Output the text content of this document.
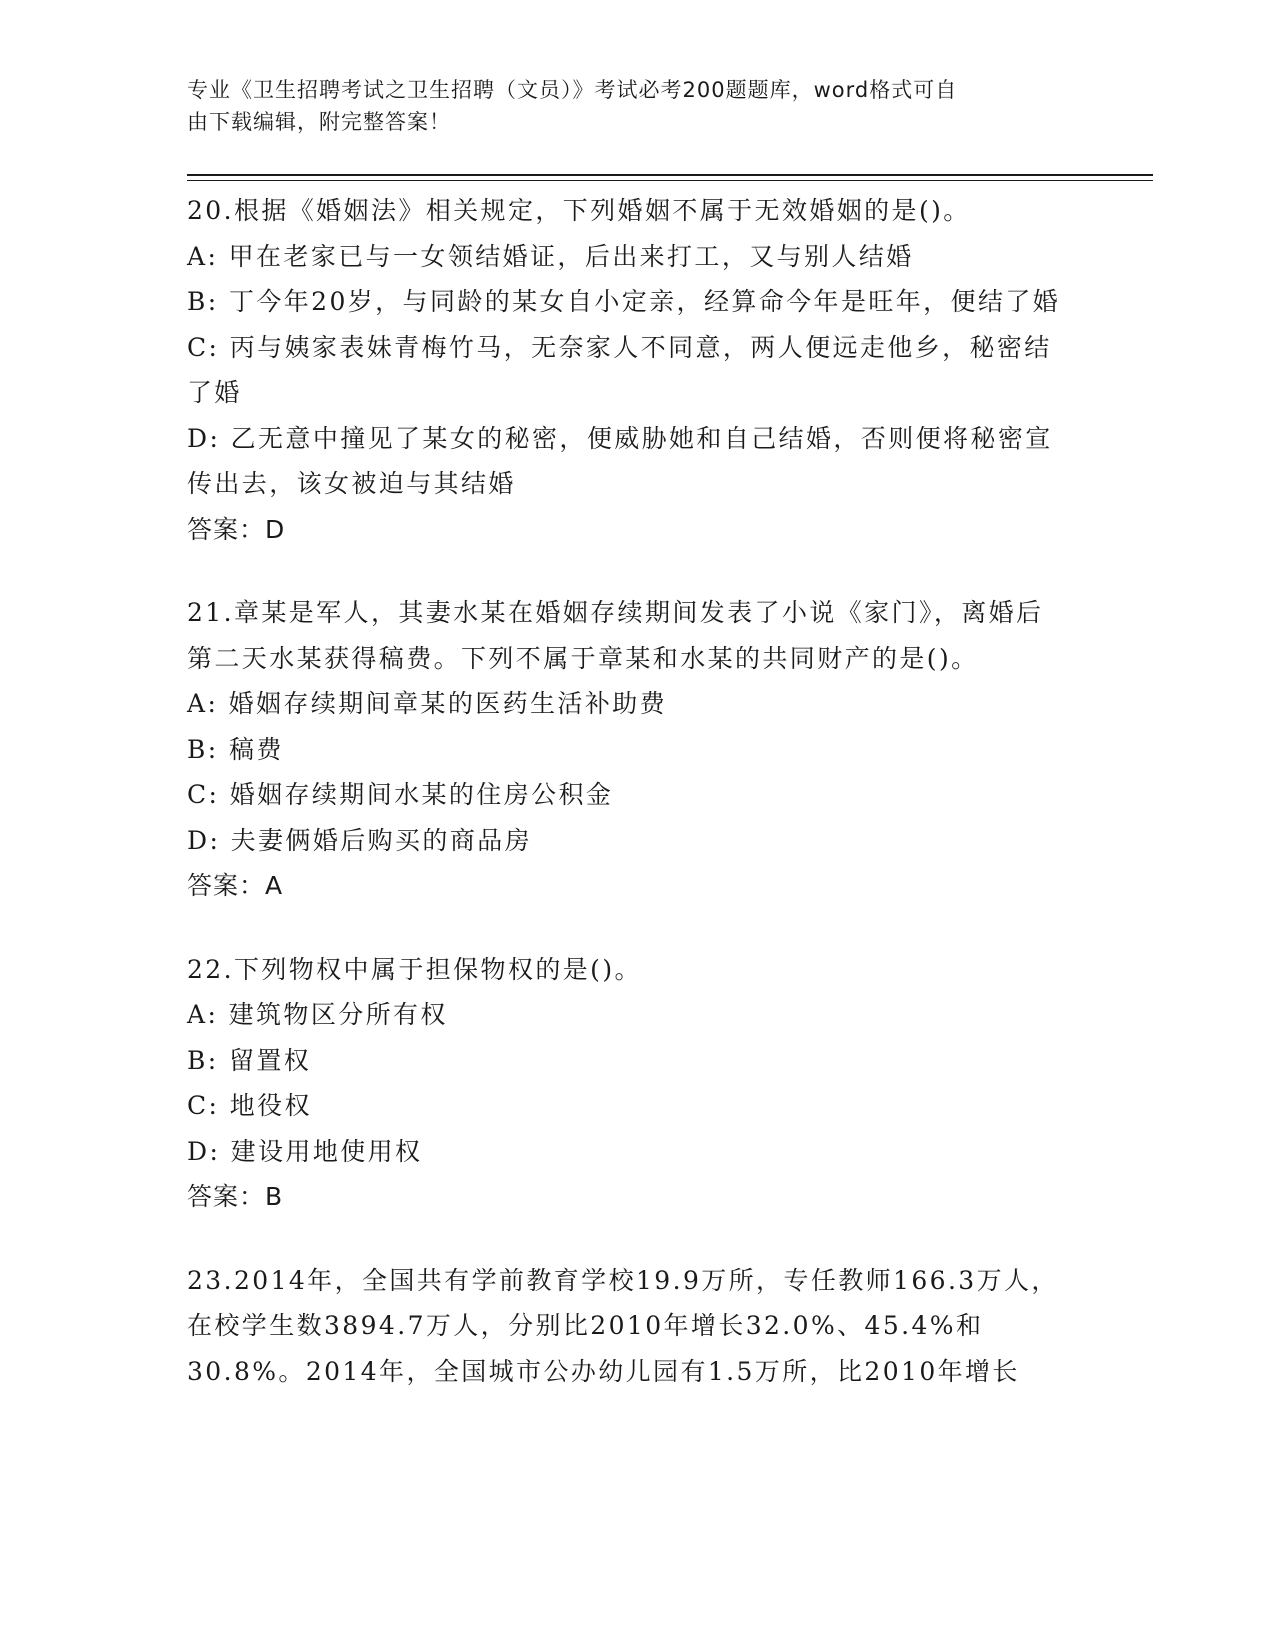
专业《卫生招聘考试之卫生招聘（文员）》考试必考200题题库，word格式可自
由下载编辑，附完整答案！
20.根据《婚姻法》相关规定，下列婚姻不属于无效婚姻的是()。
A: 甲在老家已与一女领结婚证，后出来打工，又与别人结婚
B: 丁今年20岁，与同龄的某女自小定亲，经算命今年是旺年，便结了婚
C: 丙与姨家表妹青梅竹马，无奈家人不同意，两人便远走他乡，秘密结了婚
D: 乙无意中撞见了某女的秘密，便威胁她和自己结婚，否则便将秘密宣传出去，该女被迫与其结婚
答案：D
21.章某是军人，其妻水某在婚姻存续期间发表了小说《家门》，离婚后第二天水某获得稿费。下列不属于章某和水某的共同财产的是()。
A: 婚姻存续期间章某的医药生活补助费
B: 稿费
C: 婚姻存续期间水某的住房公积金
D: 夫妻俩婚后购买的商品房
答案：A
22.下列物权中属于担保物权的是()。
A: 建筑物区分所有权
B: 留置权
C: 地役权
D: 建设用地使用权
答案：B
23.2014年，全国共有学前教育学校19.9万所，专任教师166.3万人，在校学生数3894.7万人，分别比2010年增长32.0%、45.4%和30.8%。2014年，全国城市公办幼儿园有1.5万所，比2010年增长
